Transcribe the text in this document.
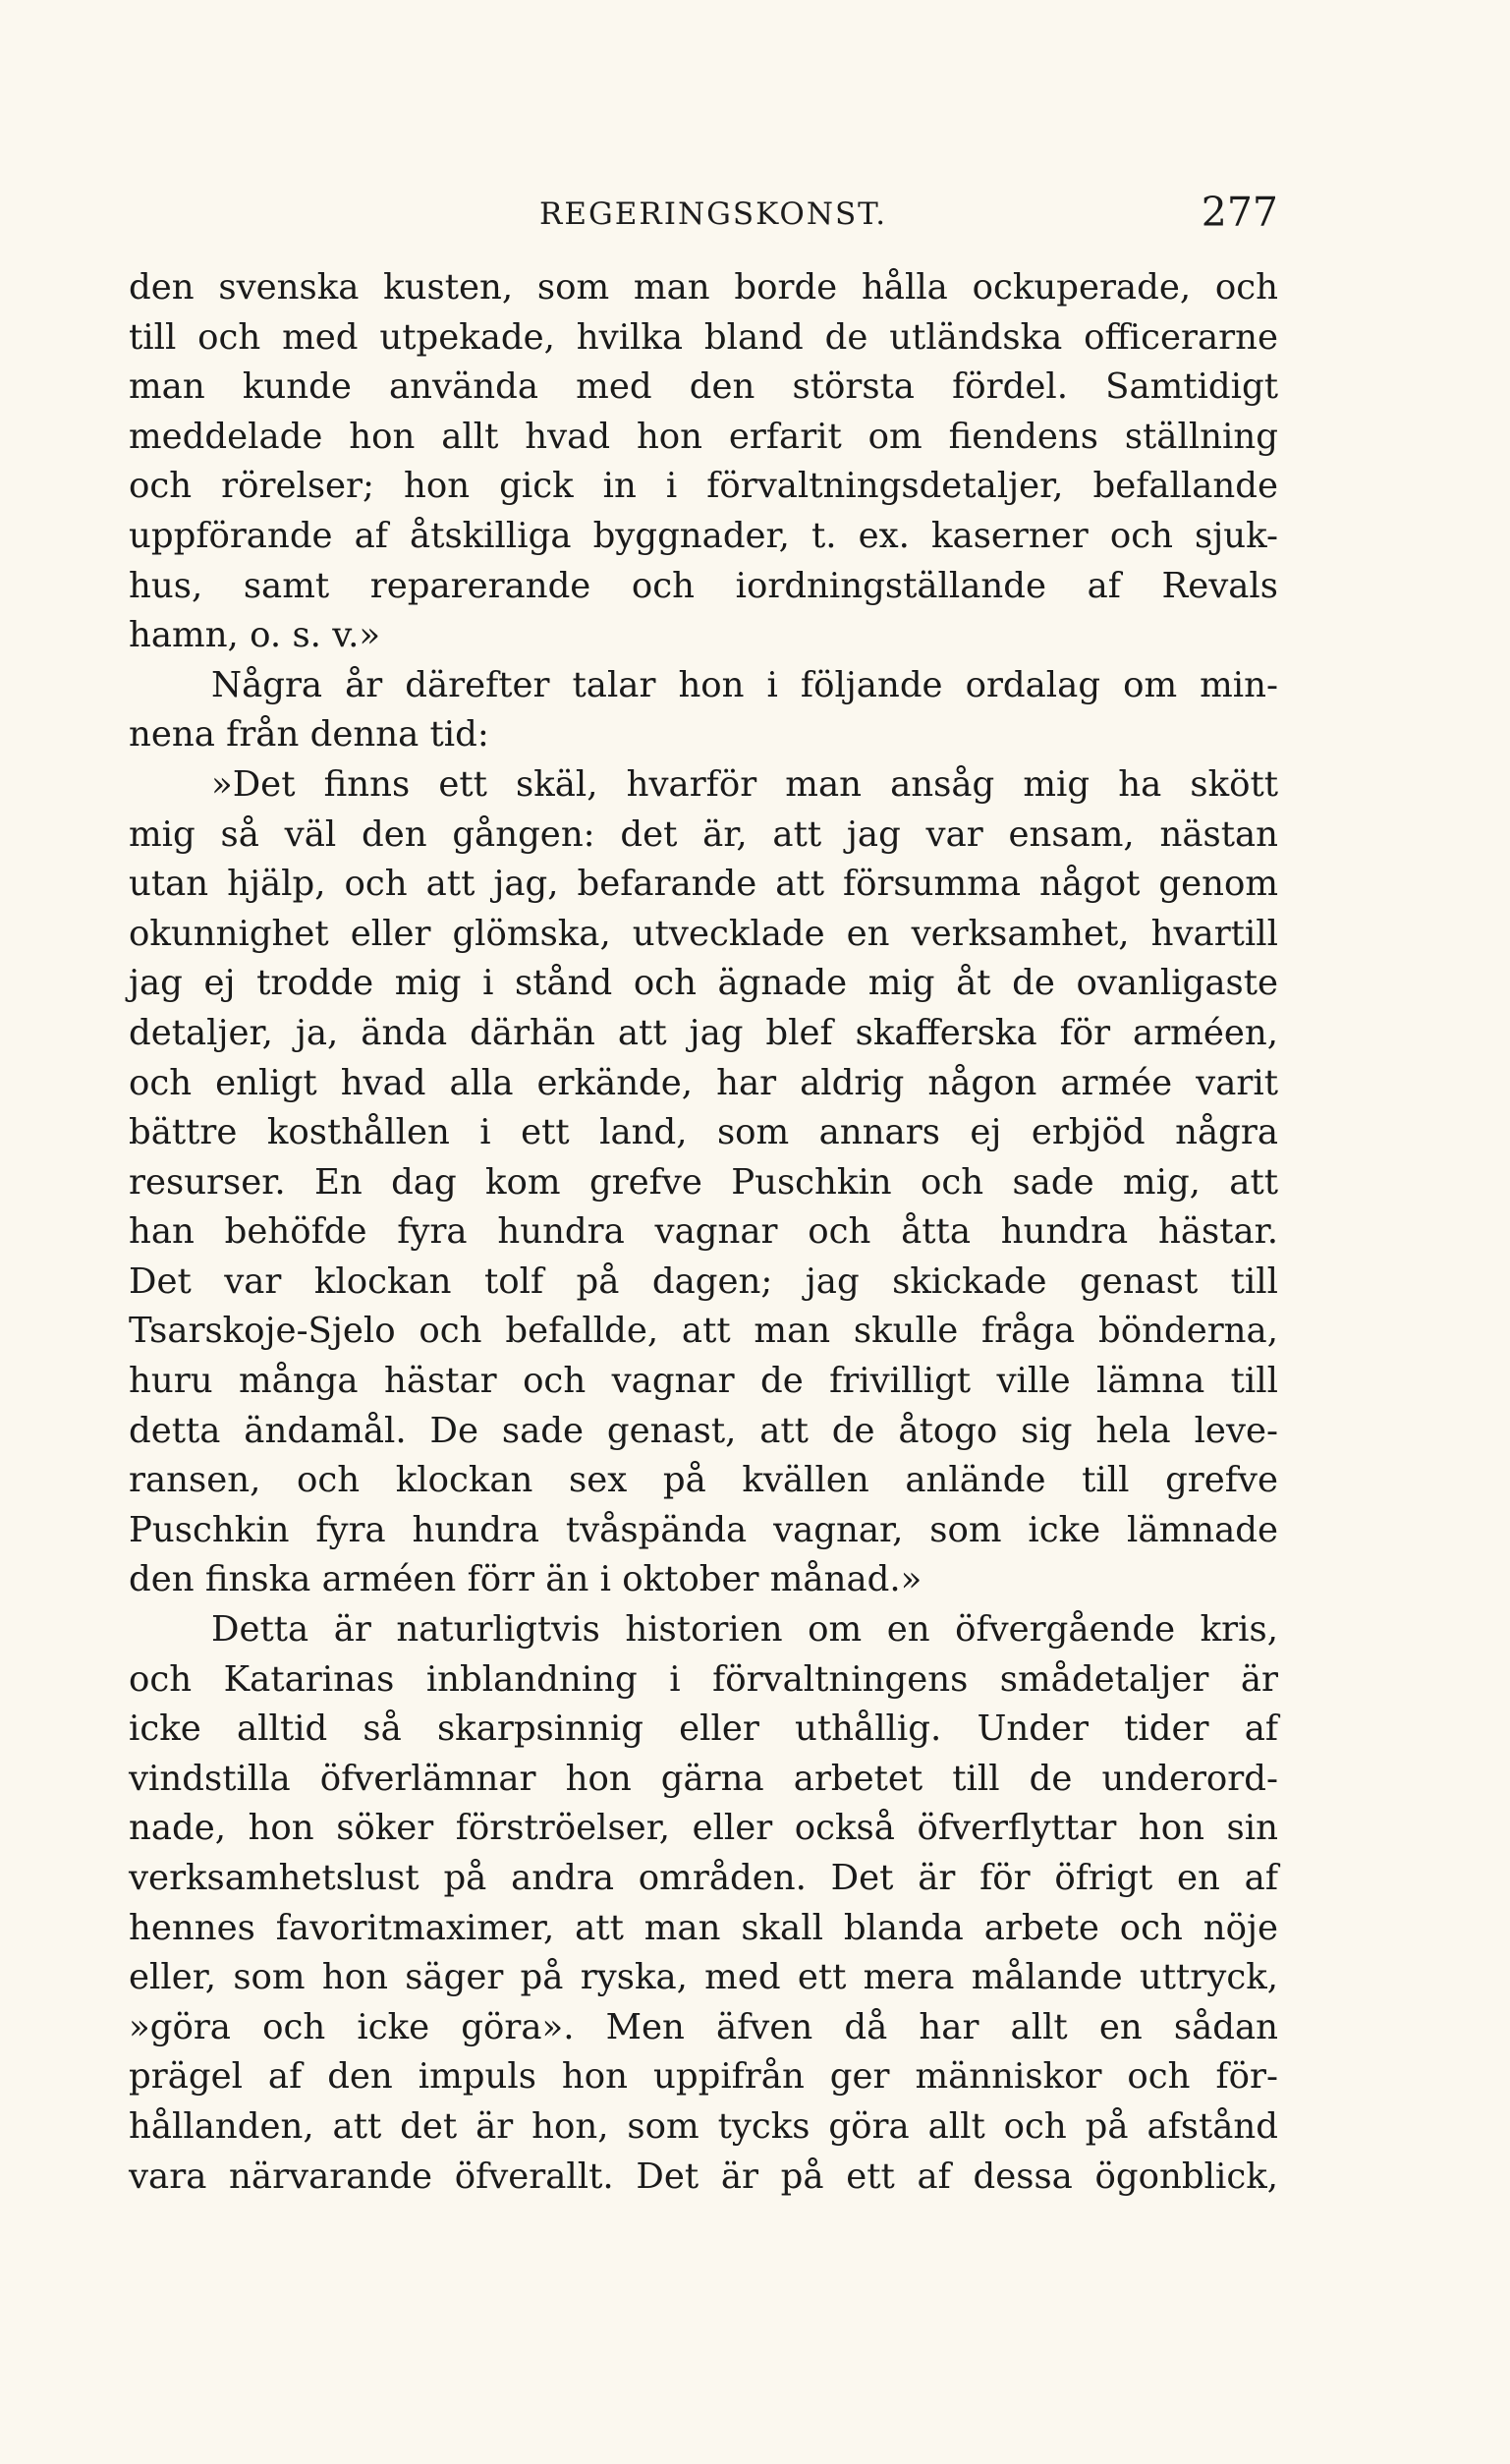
REGERINGSKONST.	277
den svenska kusten, som man borde hålla ockuperade, och
till och med utpekade, hvilka bland de utländska officerarne
man kunde använda med den största fördel. Samtidigt
meddelade hon allt hvad hon erfarit om fiendens ställning
och rörelser; hon gick in i förvaltningsdetaljer, befallande
uppförande af åtskilliga byggnader, t. ex. kaserner och sjuk-
hus, samt reparerande och iordningställande af Revals
hamn, o. s. v.»
Några år därefter talar hon i följande ordalag om min-
nena från denna tid:
»Det finns ett skäl, hvarför man ansåg mig ha skött
mig så väl den gången: det är, att jag var ensam, nästan
utan hjälp, och att jag, befarande att försumma något genom
okunnighet eller glömska, utvecklade en verksamhet, hvartill
jag ej trodde mig i stånd och ägnade mig åt de ovanligaste
detaljer, ja, ända därhän att jag blef skafferska för arméen,
och enligt hvad alla erkände, har aldrig någon armée varit
bättre kosthållen i ett land, som annars ej erbjöd några
resurser. En dag kom grefve Puschkin och sade mig, att
han behöfde fyra hundra vagnar och åtta hundra hästar.
Det var klockan tolf på dagen; jag skickade genast till
Tsarskoje-Sjelo och befallde, att man skulle fråga bönderna,
huru många hästar och vagnar de frivilligt ville lämna till
detta ändamål. De sade genast, att de åtogo sig hela leve-
ransen, och klockan sex på kvällen anlände till grefve
Puschkin fyra hundra tvåspända vagnar, som icke lämnade
den finska arméen förr än i oktober månad.»
Detta är naturligtvis historien om en öfvergående kris,
och Katarinas inblandning i förvaltningens smådetaljer är
icke alltid så skarpsinnig eller uthållig. Under tider af
vindstilla öfverlämnar hon gärna arbetet till de underord-
nade, hon söker förströelser, eller också öfverflyttar hon sin
verksamhetslust på andra områden. Det är för öfrigt en af
hennes favoritmaximer, att man skall blanda arbete och nöje
eller, som hon säger på ryska, med ett mera målande uttryck,
»göra och icke göra». Men äfven då har allt en sådan
prägel af den impuls hon uppifrån ger människor och för-
hållanden, att det är hon, som tycks göra allt och på afstånd
vara närvarande öfverallt. Det är på ett af dessa ögonblick,
